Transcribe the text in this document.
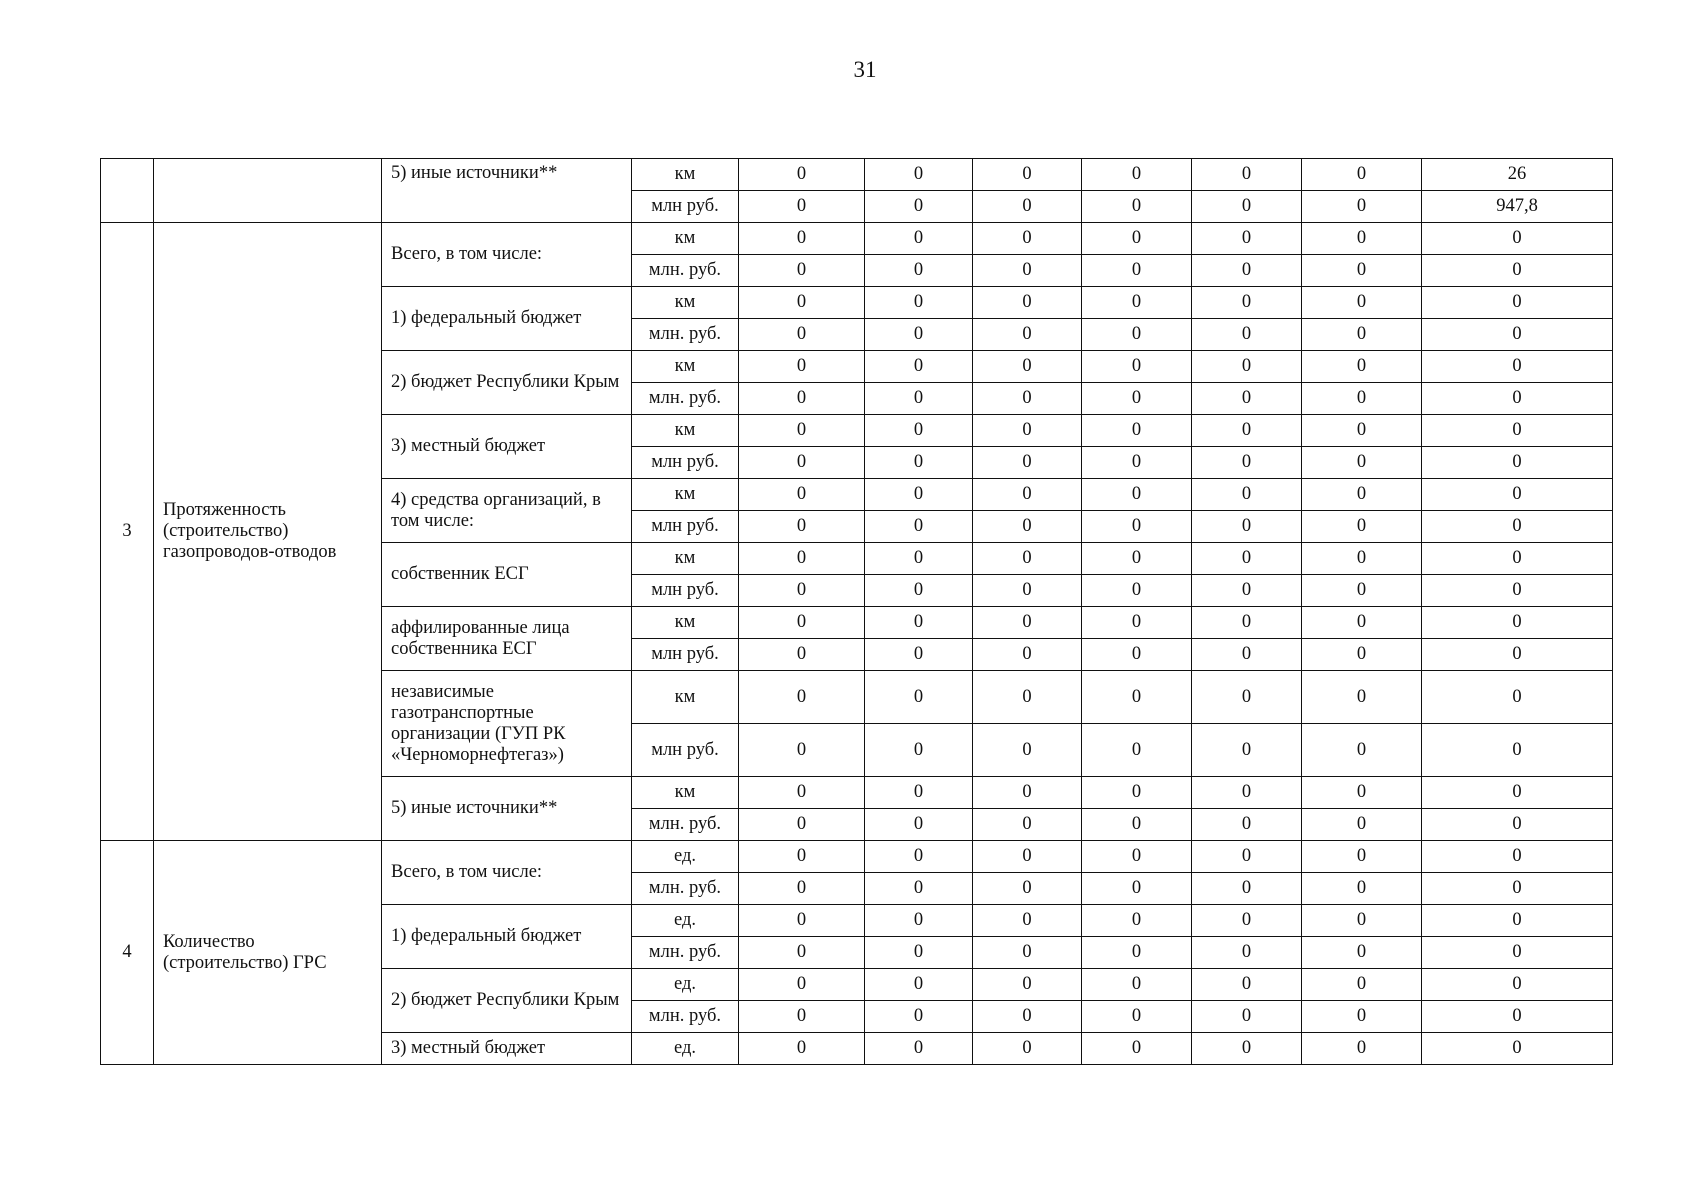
31
		5) иные источники**	км	0	0	0	0	0	0	26
			млн руб.	0	0	0	0	0	0	947,8
3	Протяженность (строительство) газопроводов-отводов	Всего, в том числе:	км	0	0	0	0	0	0	0
			млн. руб.	0	0	0	0	0	0	0
		1) федеральный бюджет	км	0	0	0	0	0	0	0
			млн. руб.	0	0	0	0	0	0	0
		2) бюджет Республики Крым	км	0	0	0	0	0	0	0
			млн. руб.	0	0	0	0	0	0	0
		3) местный бюджет	км	0	0	0	0	0	0	0
			млн руб.	0	0	0	0	0	0	0
		4) средства организаций, в том числе:	км	0	0	0	0	0	0	0
			млн руб.	0	0	0	0	0	0	0
		собственник ЕСГ	км	0	0	0	0	0	0	0
			млн руб.	0	0	0	0	0	0	0
		аффилированные лица собственника ЕСГ	км	0	0	0	0	0	0	0
			млн руб.	0	0	0	0	0	0	0
		независимые газотранспортные организации (ГУП РК «Черноморнефтегаз»)	км	0	0	0	0	0	0	0
			млн руб.	0	0	0	0	0	0	0
		5) иные источники**	км	0	0	0	0	0	0	0
			млн. руб.	0	0	0	0	0	0	0
4	Количество (строительство) ГРС	Всего, в том числе:	ед.	0	0	0	0	0	0	0
			млн. руб.	0	0	0	0	0	0	0
		1) федеральный бюджет	ед.	0	0	0	0	0	0	0
			млн. руб.	0	0	0	0	0	0	0
		2) бюджет Республики Крым	ед.	0	0	0	0	0	0	0
			млн. руб.	0	0	0	0	0	0	0
		3) местный бюджет	ед.	0	0	0	0	0	0	0
